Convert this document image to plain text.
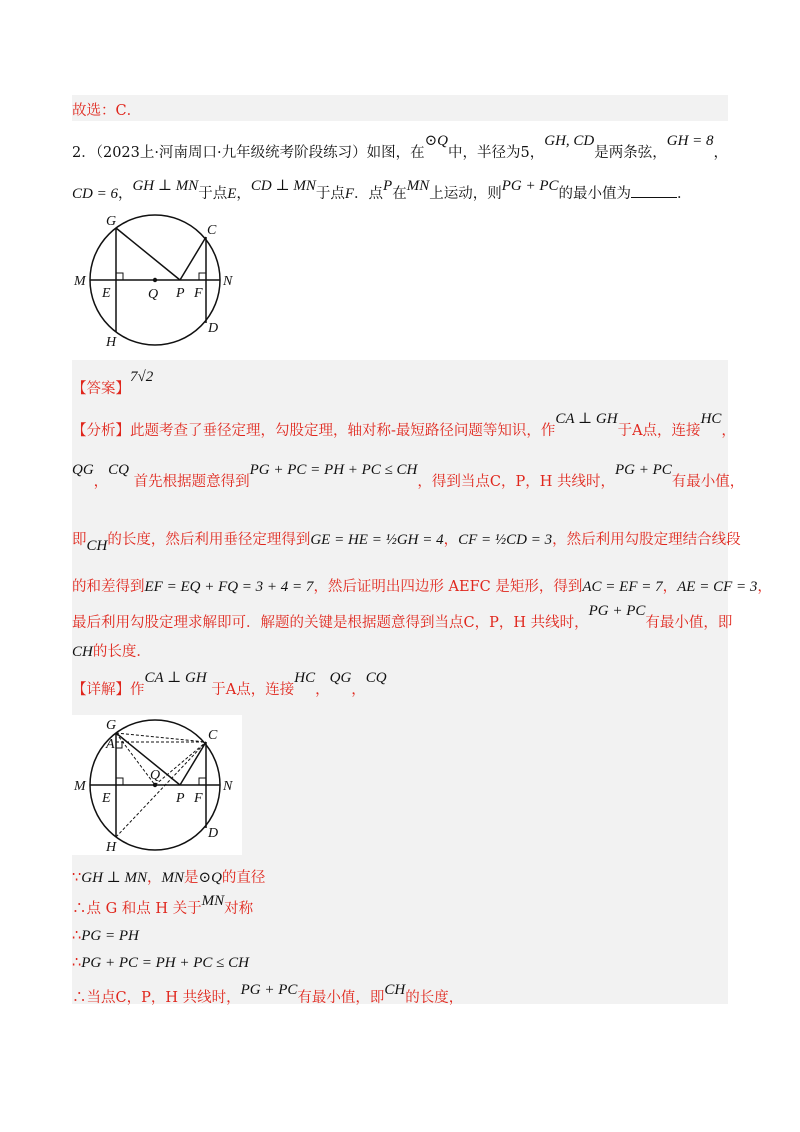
故选：C．
2．（2023上·河南周口·九年级统考阶段练习）如图，在⊙Q中，半径为5，GH, CD是两条弦，GH = 8，
CD = 6，GH ⊥ MN于点E，CD ⊥ MN于点F．点P在MN上运动，则PG + PC的最小值为	．
G
C
M
E	Q P F
N
D
H
【答案】7√2
【分析】此题考查了垂径定理，勾股定理，轴对称-最短路径问题等知识，作CA ⊥ GH于A点，连接HC，
QG，CQ 首先根据题意得到PG + PC = PH + PC ≤ CH，得到当点C，P，H 共线时，PG + PC有最小值，
即CH的长度，然后利用垂径定理得到GE = HE = ½GH = 4，CF = ½CD = 3，然后利用勾股定理结合线段
的和差得到EF = EQ + FQ = 3 + 4 = 7，然后证明出四边形 AEFC 是矩形，得到AC = EF = 7，AE = CF = 3，
最后利用勾股定理求解即可．解题的关键是根据题意得到当点C，P，H 共线时，PG + PC有最小值，即
CH的长度．
【详解】作CA ⊥ GH 于A点，连接HC，QG，CQ
G
A
C
M
Q
N
E	P F
D
H
∵GH ⊥ MN，MN是⊙Q的直径
∴点 G 和点 H 关于MN对称
∴PG = PH
∴PG + PC = PH + PC ≤ CH
∴当点C，P，H 共线时，PG + PC有最小值，即CH的长度，
